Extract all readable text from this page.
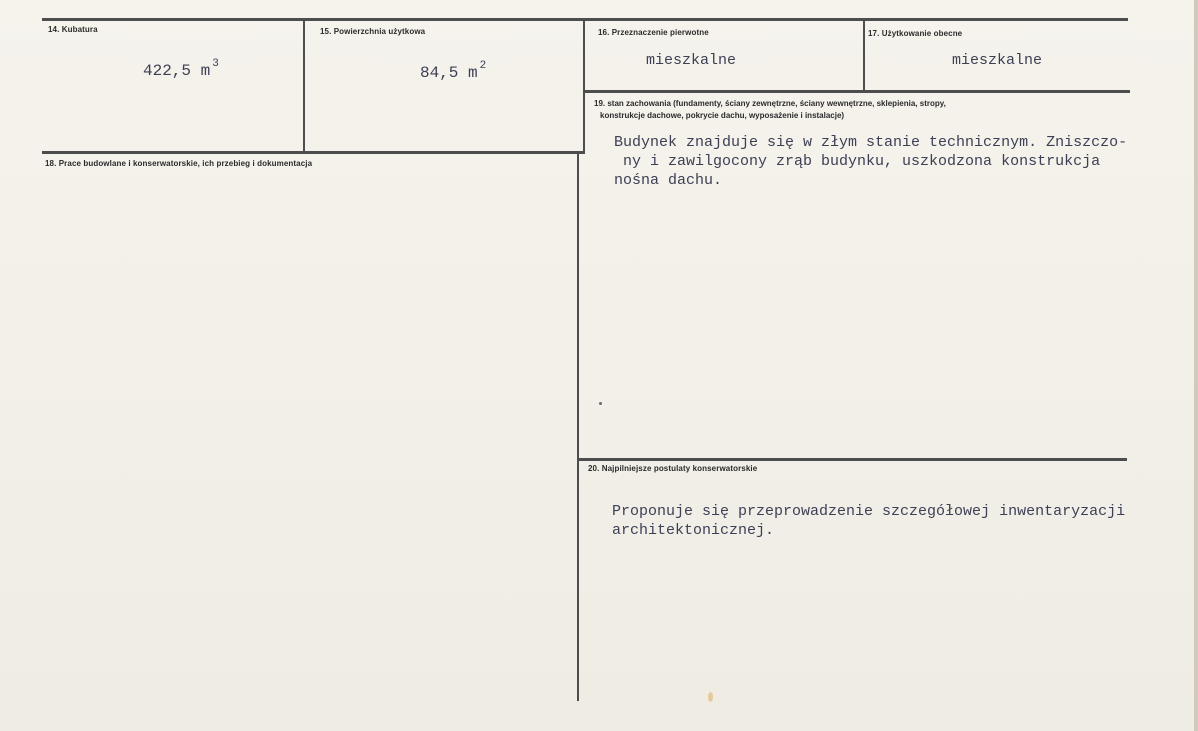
14. Kubatura
422,5 m $^3$
15. Powierzchnia użytkowa
84,5 m $^2$
16. Przeznaczenie pierwotne
mieszkalne
17. Użytkowanie obecne
mieszkalne
18. Prace budowlane i konserwatorskie, ich przebieg i dokumentacja
19. stan zachowania (fundamenty, ściany zewnętrzne, ściany wewnętrzne, sklepienia, stropy,
konstrukcje dachowe, pokrycie dachu, wyposażenie i instalacje)
Budynek znajduje się w złym stanie technicznym. Zniszczo-
ny i zawilgocony zrąb budynku, uszkodzona konstrukcja
nośna dachu.
20. Najpilniejsze postulaty konserwatorskie
Proponuje się przeprowadzenie szczegółowej inwentaryzacji
architektonicznej.
